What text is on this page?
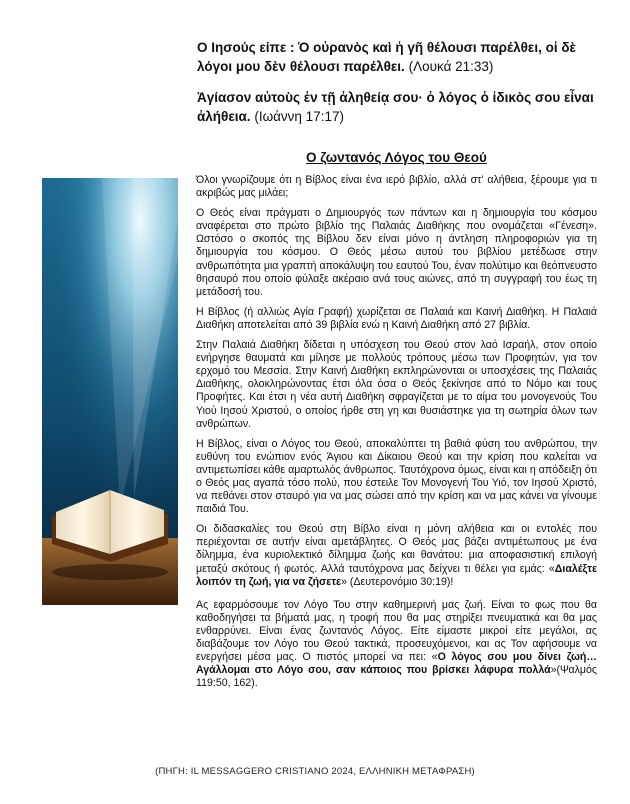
Ο Ιησούς είπε : Ὁ οὐρανὸς καὶ ἡ γῆ θέλουσι παρέλθει, οἱ δὲ λόγοι μου δὲν θέλουσι παρέλθει. (Λουκά 21:33)
Ἁγίασον αὐτοὺς ἐν τῇ ἀληθείᾳ σου· ὁ λόγος ὁ ἰδικὸς σου εἶναι ἀλήθεια. (Ιωάννη 17:17)
Ο ζωντανός Λόγος του Θεού

Όλοι γνωρίζουμε ότι η Βίβλος είναι ένα ιερό βιβλίο, αλλά στ' αλήθεια, ξέρουμε για τι ακριβώς μας μιλάει;

Ο Θεός είναι πράγματι ο Δημιουργός των πάντων και η δημιουργία του κόσμου αναφέρεται στο πρώτο βιβλίο της Παλαιάς Διαθήκης που ονομάζεται «Γένεση». Ωστόσο ο σκοπός της Βίβλου δεν είναι μόνο η άντληση πληροφοριών για τη δημιουργία του κόσμου. Ο Θεός μέσω αυτού του βιβλίου μετέδωσε στην ανθρωπότητα μια γραπτή αποκάλυψη του εαυτού Του, έναν πολύτιμο και θεόπνευστο θησαυρό που οποίο φύλαξε ακέραιο ανά τους αιώνες, από τη συγγραφή του έως τη μετάδοσή του.

Η Βίβλος (ή αλλιώς Αγία Γραφή) χωρίζεται σε Παλαιά και Καινή Διαθήκη. Η Παλαιά Διαθήκη αποτελείται από 39 βιβλία ενώ η Καινή Διαθήκη από 27 βιβλία.

Στην Παλαιά Διαθήκη δίδεται η υπόσχεση του Θεού στον λαό Ισραήλ, στον οποίο ενήργησε θαυματά και μίλησε με πολλούς τρόπους μέσω των Προφητών, για τον ερχομό του Μεσσία. Στην Καινή Διαθήκη εκπληρώνονται οι υποσχέσεις της Παλαιάς Διαθήκης, ολοκληρώνοντας έτσι όλα όσα ο Θεός ξεκίνησε από το Νόμο και τους Προφήτες. Και έτσι η νέα αυτή Διαθήκη σφραγίζεται με το αίμα του μονογενούς Του Υιού Ιησού Χριστού, ο οποίος ήρθε στη γη και θυσιάστηκε για τη σωτηρία όλων των ανθρώπων.

Η Βίβλος, είναι ο Λόγος του Θεού, αποκαλύπτει τη βαθιά φύση του ανθρώπου, την ευθύνη του ενώπιον ενός Άγιου και Δίκαιου Θεού και την κρίση που καλείται να αντιμετωπίσει κάθε αμαρτωλός άνθρωπος. Ταυτόχρονα όμως, είναι και η απόδειξη ότι ο Θεός μας αγαπά τόσο πολύ, που έστειλε Τον Μονογενή Του Υιό, τον Ιησού Χριστό, να πεθάνει στον σταυρό για να μας σώσει από την κρίση και να μας κάνει να γίνουμε παιδιά Του.

Οι διδασκαλίες του Θεού στη Βίβλο είναι η μόνη αλήθεια και οι εντολές που περιέχονται σε αυτήν είναι αμετάβλητες. Ο Θεός μας βάζει αντιμέτωπους με ένα δίλημμα, ένα κυριολεκτικό δίλημμα ζωής και θανάτου: μια αποφασιστική επιλογή μεταξύ σκότους ή φωτός. Αλλά ταυτόχρονα μας δείχνει τι θέλει για εμάς: «Διαλέξτε λοιπόν τη ζωή, για να ζήσετε» (Δευτερονόμιο 30:19)!

Ας εφαρμόσουμε τον Λόγο Του στην καθημερινή μας ζωή. Είναι το φως που θα καθοδηγήσει τα βήματά μας, η τροφή που θα μας στηρίξει πνευματικά και θα μας ενθαρρύνει. Είναι ένας ζωντανός Λόγος. Είτε είμαστε μικροί είτε μεγάλοι, ας διαβάζουμε τον Λόγο του Θεού τακτικά, προσευχόμενοι, και ας Τον αφήσουμε να ενεργήσει μέσα μας. Ο πιστός μπορεί να πει: «Ο λόγος σου μου δίνει ζωή… Αγάλλομαι στο Λόγο σου, σαν κάποιος που βρίσκει λάφυρα πολλά»(Ψαλμός 119:50, 162).

(ΠΗΓΗ: IL MESSAGGERO CRISTIANO 2024, ΕΛΛΗΝΙΚΗ ΜΕΤΑΦΡΑΣΗ)
